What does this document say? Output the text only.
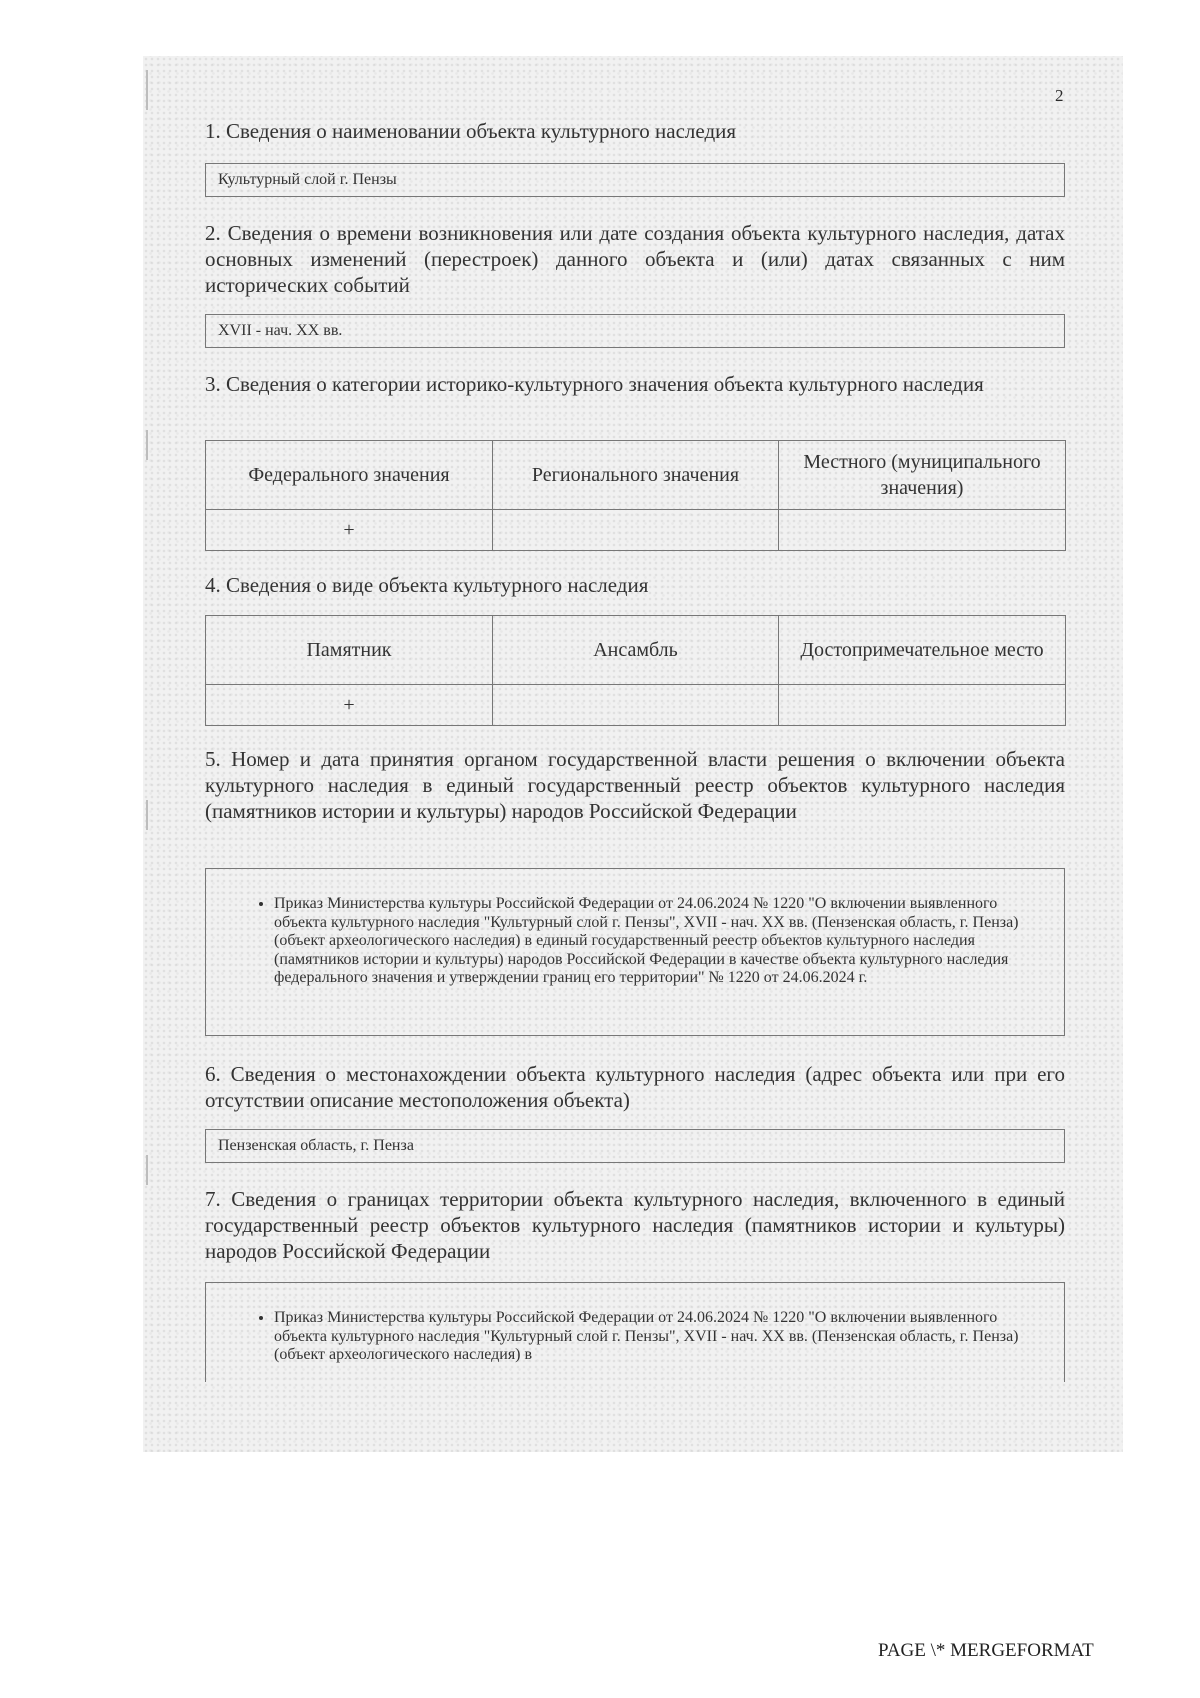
2
1. Сведения о наименовании объекта культурного наследия
Культурный слой г. Пензы
2. Сведения о времени возникновения или дате создания объекта культурного наследия, датах основных изменений (перестроек) данного объекта и (или) датах связанных с ним исторических событий
XVII - нач. XX вв.
3. Сведения о категории историко-культурного значения объекта культурного наследия
Федерального значения	Регионального значения	Местного (муниципального значения)
+		
4. Сведения о виде объекта культурного наследия
Памятник	Ансамбль	Достопримечательное место
+		
5. Номер и дата принятия органом государственной власти решения о включении объекта культурного наследия в единый государственный реестр объектов культурного наследия (памятников истории и культуры) народов Российской Федерации
• Приказ Министерства культуры Российской Федерации от 24.06.2024 № 1220 "О включении выявленного объекта культурного наследия "Культурный слой г. Пензы", XVII - нач. XX вв. (Пензенская область, г. Пенза) (объект археологического наследия) в единый государственный реестр объектов культурного наследия (памятников истории и культуры) народов Российской Федерации в качестве объекта культурного наследия федерального значения и утверждении границ его территории" № 1220 от 24.06.2024 г.
6. Сведения о местонахождении объекта культурного наследия (адрес объекта или при его отсутствии описание местоположения объекта)
Пензенская область, г. Пенза
7. Сведения о границах территории объекта культурного наследия, включенного в единый государственный реестр объектов культурного наследия (памятников истории и культуры) народов Российской Федерации
• Приказ Министерства культуры Российской Федерации от 24.06.2024 № 1220 "О включении выявленного объекта культурного наследия "Культурный слой г. Пензы", XVII - нач. XX вв. (Пензенская область, г. Пенза) (объект археологического наследия) в
PAGE \* MERGEFORMAT
